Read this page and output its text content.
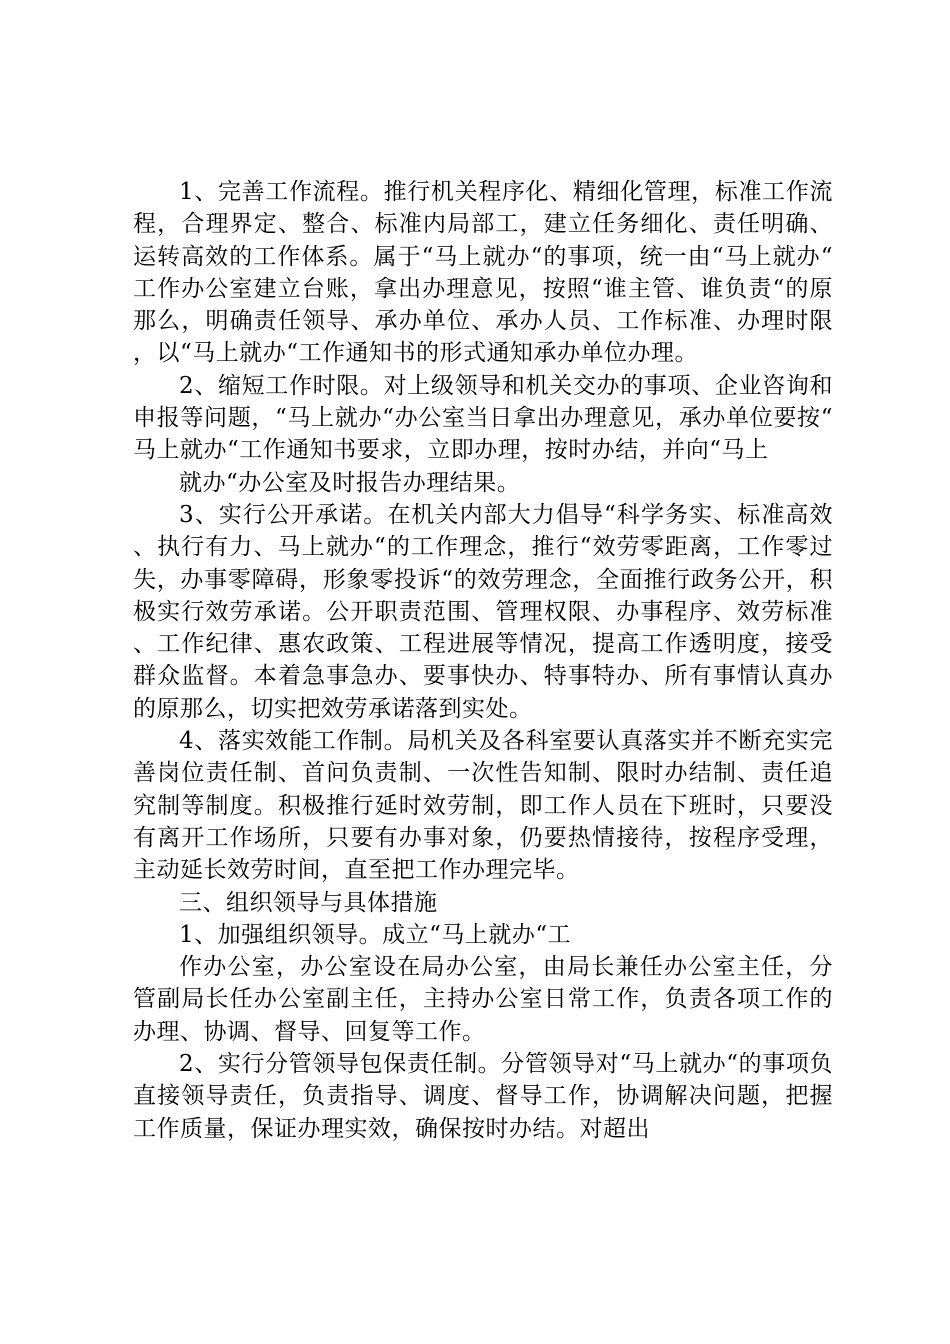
1、完善工作流程。推行机关程序化、精细化管理，标准工作流程，合理界定、整合、标准内局部工，建立任务细化、责任明确、运转高效的工作体系。属于“马上就办“的事项，统一由“马上就办“工作办公室建立台账，拿出办理意见，按照“谁主管、谁负责“的原那么，明确责任领导、承办单位、承办人员、工作标准、办理时限，以“马上就办“工作通知书的形式通知承办单位办理。

2、缩短工作时限。对上级领导和机关交办的事项、企业咨询和申报等问题，“马上就办“办公室当日拿出办理意见，承办单位要按“马上就办“工作通知书要求，立即办理，按时办结，并向“马上

就办“办公室及时报告办理结果。

3、实行公开承诺。在机关内部大力倡导“科学务实、标准高效、执行有力、马上就办“的工作理念，推行“效劳零距离，工作零过失，办事零障碍，形象零投诉“的效劳理念，全面推行政务公开，积极实行效劳承诺。公开职责范围、管理权限、办事程序、效劳标准、工作纪律、惠农政策、工程进展等情况，提高工作透明度，接受群众监督。本着急事急办、要事快办、特事特办、所有事情认真办的原那么，切实把效劳承诺落到实处。

4、落实效能工作制。局机关及各科室要认真落实并不断充实完善岗位责任制、首问负责制、一次性告知制、限时办结制、责任追究制等制度。积极推行延时效劳制，即工作人员在下班时，只要没有离开工作场所，只要有办事对象，仍要热情接待，按程序受理，主动延长效劳时间，直至把工作办理完毕。

三、组织领导与具体措施

1、加强组织领导。成立“马上就办“工

作办公室，办公室设在局办公室，由局长兼任办公室主任，分管副局长任办公室副主任，主持办公室日常工作，负责各项工作的办理、协调、督导、回复等工作。

2、实行分管领导包保责任制。分管领导对“马上就办“的事项负直接领导责任，负责指导、调度、督导工作，协调解决问题，把握工作质量，保证办理实效，确保按时办结。对超出
